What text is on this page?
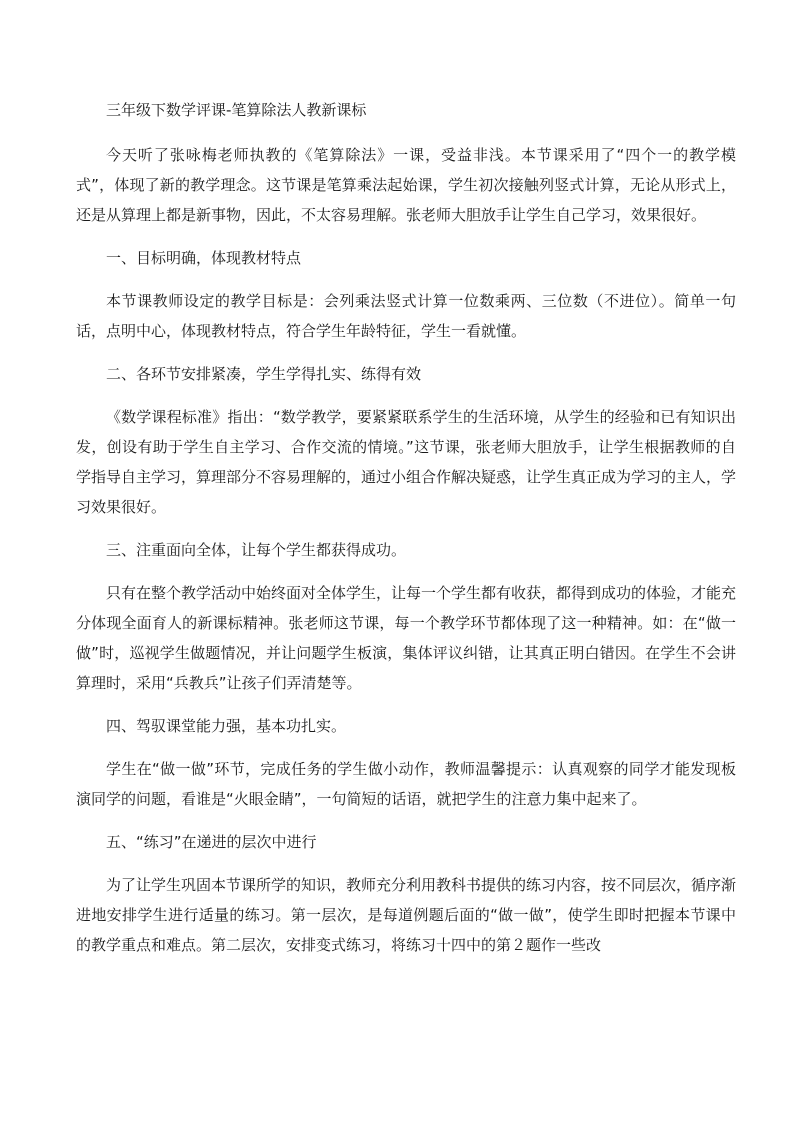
三年级下数学评课-笔算除法人教新课标
今天听了张咏梅老师执教的《笔算除法》一课，受益非浅。本节课采用了“四个一的教学模式”，体现了新的教学理念。这节课是笔算乘法起始课，学生初次接触列竖式计算，无论从形式上，还是从算理上都是新事物，因此，不太容易理解。张老师大胆放手让学生自己学习，效果很好。
一、目标明确，体现教材特点
本节课教师设定的教学目标是：会列乘法竖式计算一位数乘两、三位数（不进位）。简单一句话，点明中心，体现教材特点，符合学生年龄特征，学生一看就懂。
二、各环节安排紧凑，学生学得扎实、练得有效
《数学课程标准》指出：“数学教学，要紧紧联系学生的生活环境，从学生的经验和已有知识出发，创设有助于学生自主学习、合作交流的情境。”这节课，张老师大胆放手，让学生根据教师的自学指导自主学习，算理部分不容易理解的，通过小组合作解决疑惑，让学生真正成为学习的主人，学习效果很好。
三、注重面向全体，让每个学生都获得成功。
只有在整个教学活动中始终面对全体学生，让每一个学生都有收获，都得到成功的体验，才能充分体现全面育人的新课标精神。张老师这节课，每一个教学环节都体现了这一种精神。如：在“做一做”时，巡视学生做题情况，并让问题学生板演，集体评议纠错，让其真正明白错因。在学生不会讲算理时，采用“兵教兵”让孩子们弄清楚等。
四、驾驭课堂能力强，基本功扎实。
学生在“做一做”环节，完成任务的学生做小动作，教师温馨提示：认真观察的同学才能发现板演同学的问题，看谁是“火眼金睛”，一句简短的话语，就把学生的注意力集中起来了。
五、“练习”在递进的层次中进行
为了让学生巩固本节课所学的知识，教师充分利用教科书提供的练习内容，按不同层次，循序渐进地安排学生进行适量的练习。第一层次，是每道例题后面的“做一做”，使学生即时把握本节课中的教学重点和难点。第二层次，安排变式练习，将练习十四中的第２题作一些改
